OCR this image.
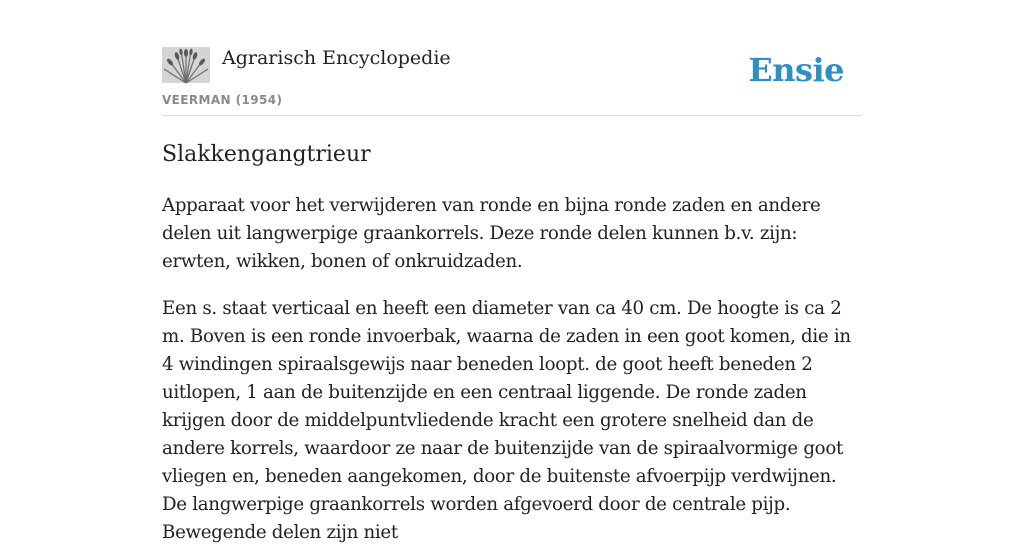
Agrarisch Encyclopedie
VEERMAN (1954)
Ensie
Slakkengangtrieur

Apparaat voor het verwijderen van ronde en bijna ronde zaden en andere delen uit langwerpige graankorrels. Deze ronde delen kunnen b.v. zijn: erwten, wikken, bonen of onkruidzaden.

Een s. staat verticaal en heeft een diameter van ca 40 cm. De hoogte is ca 2 m. Boven is een ronde invoerbak, waarna de zaden in een goot komen, die in 4 windingen spiraalsgewijs naar beneden loopt. de goot heeft beneden 2 uitlopen, 1 aan de buitenzijde en een centraal liggende. De ronde zaden krijgen door de middelpuntvliedende kracht een grotere snelheid dan de andere korrels, waardoor ze naar de buitenzijde van de spiraalvormige goot vliegen en, beneden aangekomen, door de buitenste afvoerpijp verdwijnen. De langwerpige graankorrels worden afgevoerd door de centrale pijp. Bewegende delen zijn niet
